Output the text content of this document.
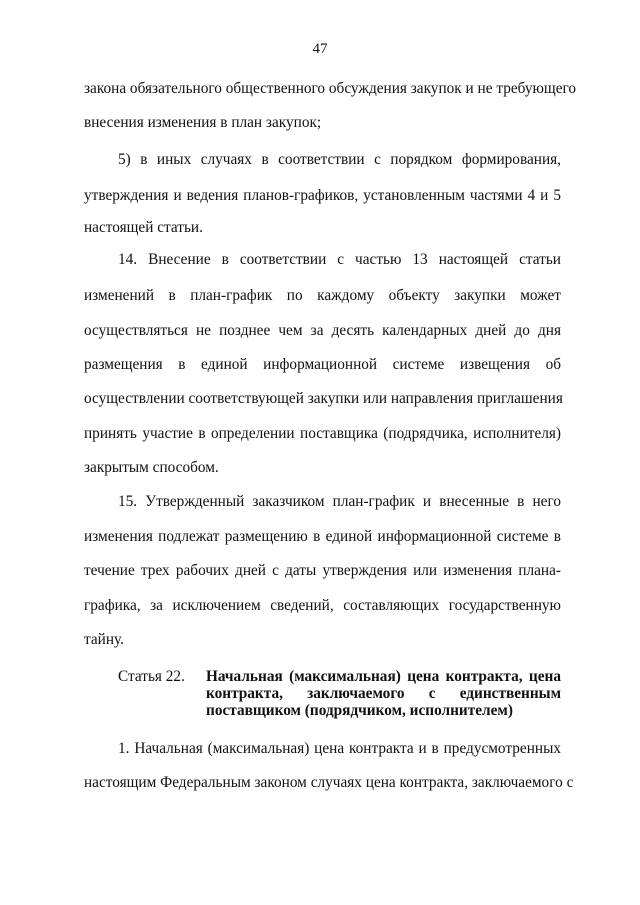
47
закона обязательного общественного обсуждения закупок и не требующего
внесения изменения в план закупок;
5) в иных случаях в соответствии с порядком формирования,
утверждения и ведения планов-графиков, установленным частями 4 и 5
настоящей статьи.
14. Внесение в соответствии с частью 13 настоящей статьи
изменений в план-график по каждому объекту закупки может
осуществляться не позднее чем за десять календарных дней до дня
размещения в единой информационной системе извещения об
осуществлении соответствующей закупки или направления приглашения
принять участие в определении поставщика (подрядчика, исполнителя)
закрытым способом.
15. Утвержденный заказчиком план-график и внесенные в него
изменения подлежат размещению в единой информационной системе в
течение трех рабочих дней с даты утверждения или изменения плана-
графика, за исключением сведений, составляющих государственную
тайну.
Статья 22. Начальная (максимальная) цена контракта, цена
контракта, заключаемого с единственным
поставщиком (подрядчиком, исполнителем)
1. Начальная (максимальная) цена контракта и в предусмотренных
настоящим Федеральным законом случаях цена контракта, заключаемого с
